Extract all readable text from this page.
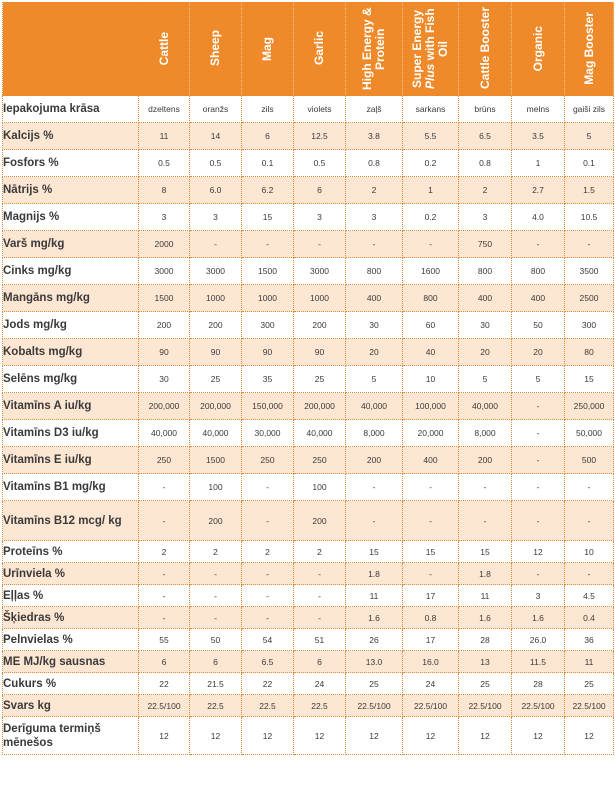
	Cattle	Sheep	Mag	Garlic	High Energy & Protein	Super Energy Plus with Fish Oil	Cattle Booster	Organic	Mag Booster

Iepakojuma krāsa	dzeltens	oranžs	zils	violets	zaļš	sarkans	brūns	melns	gaiši zils
Kalcijs %	11	14	6	12.5	3.8	5.5	6.5	3.5	5
Fosfors %	0.5	0.5	0.1	0.5	0.8	0.2	0.8	1	0.1
Nātrijs %	8	6.0	6.2	6	2	1	2	2.7	1.5
Magnijs %	3	3	15	3	3	0.2	3	4.0	10.5
Varš mg/kg	2000	-	-	-	-	-	750	-	-
Cinks mg/kg	3000	3000	1500	3000	800	1600	800	800	3500
Mangāns mg/kg	1500	1000	1000	1000	400	800	400	400	2500
Jods mg/kg	200	200	300	200	30	60	30	50	300
Kobalts mg/kg	90	90	90	90	20	40	20	20	80
Selēns mg/kg	30	25	35	25	5	10	5	5	15
Vitamīns A iu/kg	200,000	200,000	150,000	200,000	40,000	100,000	40,000	-	250,000
Vitamīns D3 iu/kg	40,000	40,000	30,000	40,000	8,000	20,000	8,000	-	50,000
Vitamīns E iu/kg	250	1500	250	250	200	400	200	-	500
Vitamīns B1 mg/kg	-	100	-	100	-	-	-	-	-
Vitamīns B12 mcg/ kg	-	200	-	200	-	-	-	-	-
Proteīns %	2	2	2	2	15	15	15	12	10
Urīnviela %	-	-	-	-	1.8	-	1.8	-	-
Eļļas %	-	-	-	-	11	17	11	3	4.5
Šķiedras %	-	-	-	-	1.6	0.8	1.6	1.6	0.4
Pelnvielas %	55	50	54	51	26	17	28	26.0	36
ME MJ/kg sausnas	6	6	6.5	6	13.0	16.0	13	11.5	11
Cukurs %	22	21.5	22	24	25	24	25	28	25
Svars kg	22.5/100	22.5	22.5	22.5	22.5/100	22.5/100	22.5/100	22.5/100	22.5/100
Derīguma termiņš mēnešos	12	12	12	12	12	12	12	12	12
